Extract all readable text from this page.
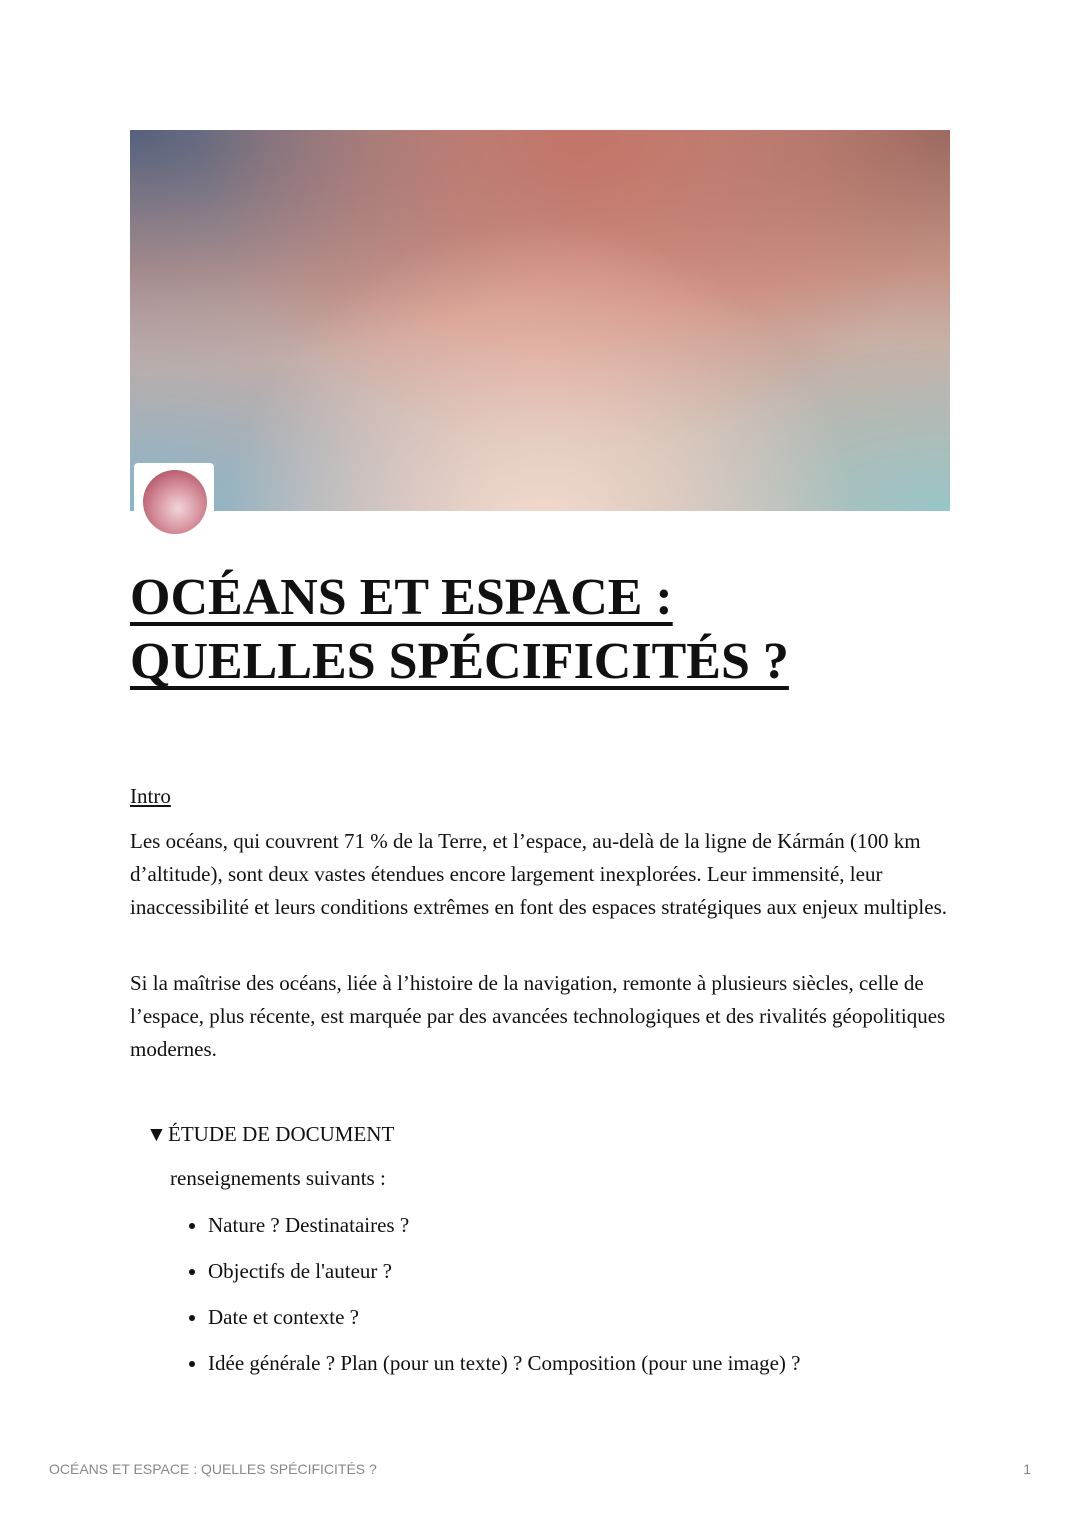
OCÉANS ET ESPACE :
QUELLES SPÉCIFICITÉS ?
Intro
Les océans, qui couvrent 71 % de la Terre, et l’espace, au-delà de la ligne de Kármán (100 km d’altitude), sont deux vastes étendues encore largement inexplorées. Leur immensité, leur inaccessibilité et leurs conditions extrêmes en font des espaces stratégiques aux enjeux multiples.
Si la maîtrise des océans, liée à l’histoire de la navigation, remonte à plusieurs siècles, celle de l’espace, plus récente, est marquée par des avancées technologiques et des rivalités géopolitiques modernes.
▼ÉTUDE DE DOCUMENT
renseignements suivants :
• Nature ? Destinataires ?
• Objectifs de l'auteur ?
• Date et contexte ?
• Idée générale ? Plan (pour un texte) ? Composition (pour une image) ?
OCÉANS ET ESPACE : QUELLES SPÉCIFICITÉS ?	1
